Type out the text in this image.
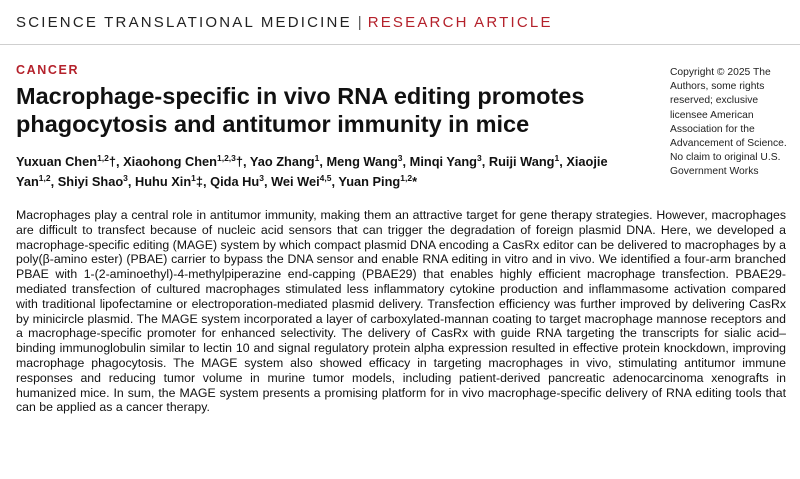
SCIENCE TRANSLATIONAL MEDICINE | RESEARCH ARTICLE
CANCER
Macrophage-specific in vivo RNA editing promotes phagocytosis and antitumor immunity in mice

Yuxuan Chen$^{1,2}$†, Xiaohong Chen$^{1,2,3}$†, Yao Zhang$^1$, Meng Wang$^3$, Minqi Yang$^3$, Ruiji Wang$^1$, Xiaojie Yan$^{1,2}$, Shiyi Shao$^3$, Huhu Xin$^1$‡, Qida Hu$^3$, Wei Wei$^{4,5}$, Yuan Ping$^{1,2}$*

Copyright © 2025 The Authors, some rights reserved; exclusive licensee American Association for the Advancement of Science. No claim to original U.S. Government Works

Macrophages play a central role in antitumor immunity, making them an attractive target for gene therapy strategies. However, macrophages are difficult to transfect because of nucleic acid sensors that can trigger the degradation of foreign plasmid DNA. Here, we developed a macrophage-specific editing (MAGE) system by which compact plasmid DNA encoding a CasRx editor can be delivered to macrophages by a poly(β-amino ester) (PBAE) carrier to bypass the DNA sensor and enable RNA editing in vitro and in vivo. We identified a four-arm branched PBAE with 1-(2-aminoethyl)-4-methylpiperazine end-capping (PBAE29) that enables highly efficient macrophage transfection. PBAE29-mediated transfection of cultured macrophages stimulated less inflammatory cytokine production and inflammasome activation compared with traditional lipofectamine or electroporation-mediated plasmid delivery. Transfection efficiency was further improved by delivering CasRx by minicircle plasmid. The MAGE system incorporated a layer of carboxylated-mannan coating to target macrophage mannose receptors and a macrophage-specific promoter for enhanced selectivity. The delivery of CasRx with guide RNA targeting the transcripts for sialic acid–binding immunoglobulin similar to lectin 10 and signal regulatory protein alpha expression resulted in effective protein knockdown, improving macrophage phagocytosis. The MAGE system also showed efficacy in targeting macrophages in vivo, stimulating antitumor immune responses and reducing tumor volume in murine tumor models, including patient-derived pancreatic adenocarcinoma xenografts in humanized mice. In sum, the MAGE system presents a promising platform for in vivo macrophage-specific delivery of RNA editing tools that can be applied as a cancer therapy.
